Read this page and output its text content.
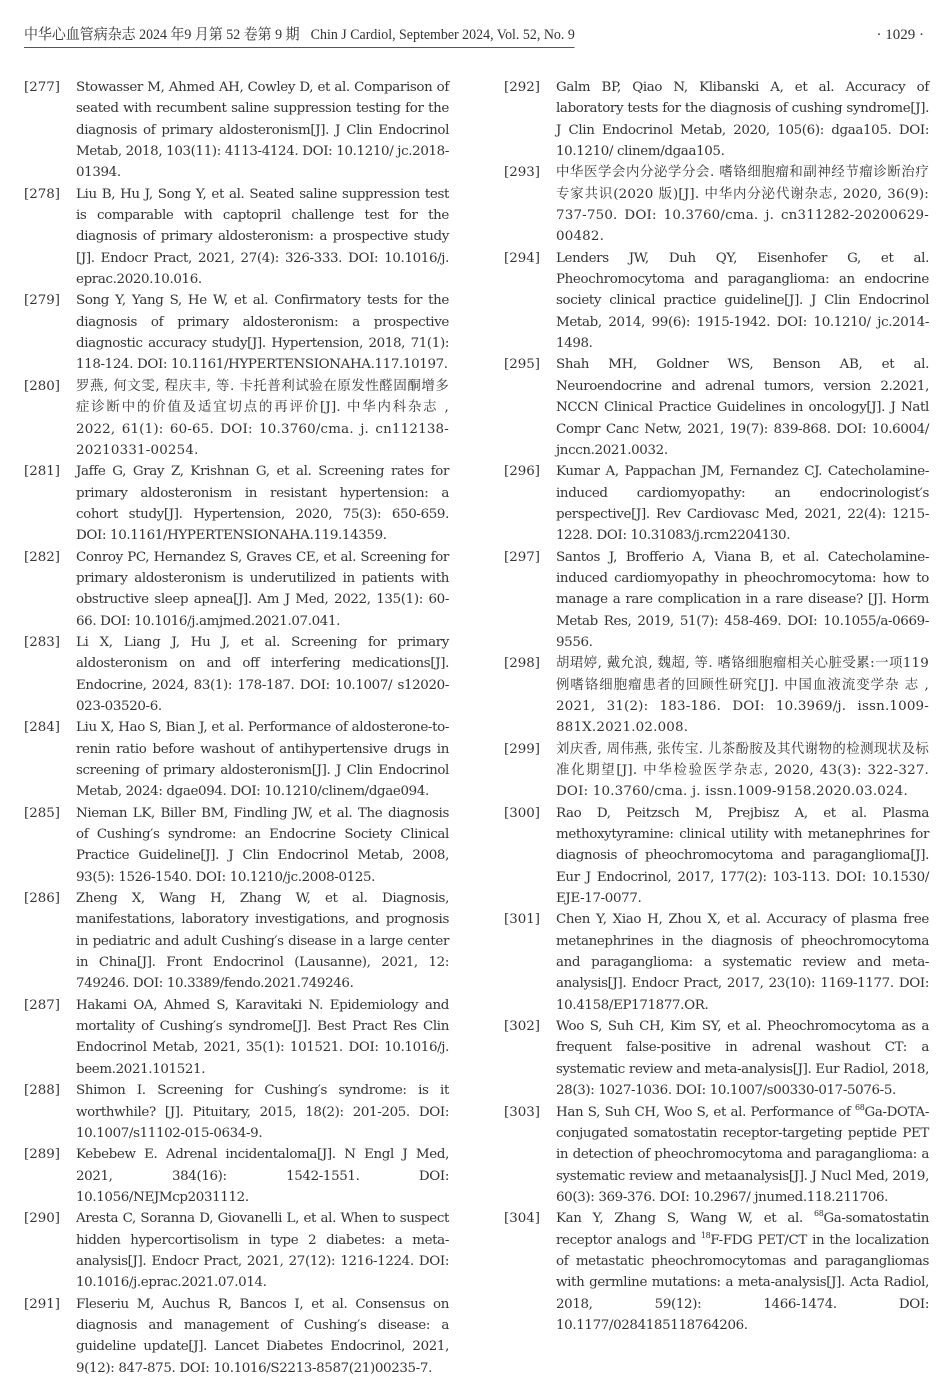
中华心血管病杂志 2024 年9 月第 52 卷第 9 期 Chin J Cardiol, September 2024, Vol. 52, No. 9	· 1029 ·
[277]	Stowasser M, Ahmed AH, Cowley D, et al. Comparison of seated with recumbent saline suppression testing for the diagnosis of primary aldosteronism[J]. J Clin Endocrinol Metab, 2018, 103(11): 4113-4124. DOI: 10.1210/ jc.2018-01394.
[278]	Liu B, Hu J, Song Y, et al. Seated saline suppression test is comparable with captopril challenge test for the diagnosis of primary aldosteronism: a prospective study [J]. Endocr Pract, 2021, 27(4): 326-333. DOI: 10.1016/j. eprac.2020.10.016.
[279]	Song Y, Yang S, He W, et al. Confirmatory tests for the diagnosis of primary aldosteronism: a prospective diagnostic accuracy study[J]. Hypertension, 2018, 71(1): 118-124. DOI: 10.1161/HYPERTENSIONAHA.117.10197.
[280]	罗燕, 何文雯, 程庆丰, 等. 卡托普利试验在原发性醛固酮增多症诊断中的价值及适宜切点的再评价[J]. 中华内科杂志 , 2022, 61(1): 60-65. DOI: 10.3760/cma. j. cn112138-20210331-00254.
[281]	Jaffe G, Gray Z, Krishnan G, et al. Screening rates for primary aldosteronism in resistant hypertension: a cohort study[J]. Hypertension, 2020, 75(3): 650-659. DOI: 10.1161/HYPERTENSIONAHA.119.14359.
[282]	Conroy PC, Hernandez S, Graves CE, et al. Screening for primary aldosteronism is underutilized in patients with obstructive sleep apnea[J]. Am J Med, 2022, 135(1): 60-66. DOI: 10.1016/j.amjmed.2021.07.041.
[283]	Li X, Liang J, Hu J, et al. Screening for primary aldosteronism on and off interfering medications[J]. Endocrine, 2024, 83(1): 178-187. DOI: 10.1007/ s12020-023-03520-6.
[284]	Liu X, Hao S, Bian J, et al. Performance of aldosterone-to-renin ratio before washout of antihypertensive drugs in screening of primary aldosteronism[J]. J Clin Endocrinol Metab, 2024: dgae094. DOI: 10.1210/clinem/dgae094.
[285]	Nieman LK, Biller BM, Findling JW, et al. The diagnosis of Cushing′s syndrome: an Endocrine Society Clinical Practice Guideline[J]. J Clin Endocrinol Metab, 2008, 93(5): 1526-1540. DOI: 10.1210/jc.2008-0125.
[286]	Zheng X, Wang H, Zhang W, et al. Diagnosis, manifestations, laboratory investigations, and prognosis in pediatric and adult Cushing′s disease in a large center in China[J]. Front Endocrinol (Lausanne), 2021, 12: 749246. DOI: 10.3389/fendo.2021.749246.
[287]	Hakami OA, Ahmed S, Karavitaki N. Epidemiology and mortality of Cushing′s syndrome[J]. Best Pract Res Clin Endocrinol Metab, 2021, 35(1): 101521. DOI: 10.1016/j. beem.2021.101521.
[288]	Shimon I. Screening for Cushing′s syndrome: is it worthwhile? [J]. Pituitary, 2015, 18(2): 201-205. DOI: 10.1007/s11102-015-0634-9.
[289]	Kebebew E. Adrenal incidentaloma[J]. N Engl J Med, 2021, 384(16): 1542-1551. DOI: 10.1056/NEJMcp2031112.
[290]	Aresta C, Soranna D, Giovanelli L, et al. When to suspect hidden hypercortisolism in type 2 diabetes: a meta-analysis[J]. Endocr Pract, 2021, 27(12): 1216-1224. DOI: 10.1016/j.eprac.2021.07.014.
[291]	Fleseriu M, Auchus R, Bancos I, et al. Consensus on diagnosis and management of Cushing′s disease: a guideline update[J]. Lancet Diabetes Endocrinol, 2021, 9(12): 847-875. DOI: 10.1016/S2213-8587(21)00235-7.
[292]	Galm BP, Qiao N, Klibanski A, et al. Accuracy of laboratory tests for the diagnosis of cushing syndrome[J]. J Clin Endocrinol Metab, 2020, 105(6): dgaa105. DOI: 10.1210/ clinem/dgaa105.
[293]	中华医学会内分泌学分会. 嗜铬细胞瘤和副神经节瘤诊断治疗专家共识(2020 版)[J]. 中华内分泌代谢杂志, 2020, 36(9): 737-750. DOI: 10.3760/cma. j. cn311282-20200629-00482.
[294]	Lenders JW, Duh QY, Eisenhofer G, et al. Pheochromocytoma and paraganglioma: an endocrine society clinical practice guideline[J]. J Clin Endocrinol Metab, 2014, 99(6): 1915-1942. DOI: 10.1210/ jc.2014-1498.
[295]	Shah MH, Goldner WS, Benson AB, et al. Neuroendocrine and adrenal tumors, version 2.2021, NCCN Clinical Practice Guidelines in oncology[J]. J Natl Compr Canc Netw, 2021, 19(7): 839-868. DOI: 10.6004/ jnccn.2021.0032.
[296]	Kumar A, Pappachan JM, Fernandez CJ. Catecholamine-induced cardiomyopathy: an endocrinologist′s perspective[J]. Rev Cardiovasc Med, 2021, 22(4): 1215-1228. DOI: 10.31083/j.rcm2204130.
[297]	Santos J, Brofferio A, Viana B, et al. Catecholamine-induced cardiomyopathy in pheochromocytoma: how to manage a rare complication in a rare disease? [J]. Horm Metab Res, 2019, 51(7): 458-469. DOI: 10.1055/a-0669-9556.
[298]	胡珺婷, 戴允浪, 魏超, 等. 嗜铬细胞瘤相关心脏受累:一项119 例嗜铬细胞瘤患者的回顾性研究[J]. 中国血液流变学杂 志 , 2021, 31(2): 183-186. DOI: 10.3969/j. issn.1009-881X.2021.02.008.
[299]	刘庆香, 周伟燕, 张传宝. 儿茶酚胺及其代谢物的检测现状及标准化期望[J]. 中华检验医学杂志, 2020, 43(3): 322-327. DOI: 10.3760/cma. j. issn.1009-9158.2020.03.024.
[300]	Rao D, Peitzsch M, Prejbisz A, et al. Plasma methoxytyramine: clinical utility with metanephrines for diagnosis of pheochromocytoma and paraganglioma[J]. Eur J Endocrinol, 2017, 177(2): 103-113. DOI: 10.1530/ EJE-17-0077.
[301]	Chen Y, Xiao H, Zhou X, et al. Accuracy of plasma free metanephrines in the diagnosis of pheochromocytoma and paraganglioma: a systematic review and meta-analysis[J]. Endocr Pract, 2017, 23(10): 1169-1177. DOI: 10.4158/EP171877.OR.
[302]	Woo S, Suh CH, Kim SY, et al. Pheochromocytoma as a frequent false-positive in adrenal washout CT: a systematic review and meta-analysis[J]. Eur Radiol, 2018, 28(3): 1027-1036. DOI: 10.1007/s00330-017-5076-5.
[303]	Han S, Suh CH, Woo S, et al. Performance of $^{68}$Ga-DOTA-conjugated somatostatin receptor-targeting peptide PET in detection of pheochromocytoma and paraganglioma: a systematic review and metaanalysis[J]. J Nucl Med, 2019, 60(3): 369-376. DOI: 10.2967/ jnumed.118.211706.
[304]	Kan Y, Zhang S, Wang W, et al. $^{68}$Ga-somatostatin receptor analogs and $^{18}$F-FDG PET/CT in the localization of metastatic pheochromocytomas and paragangliomas with germline mutations: a meta-analysis[J]. Acta Radiol, 2018, 59(12): 1466-1474. DOI: 10.1177/0284185118764206.
